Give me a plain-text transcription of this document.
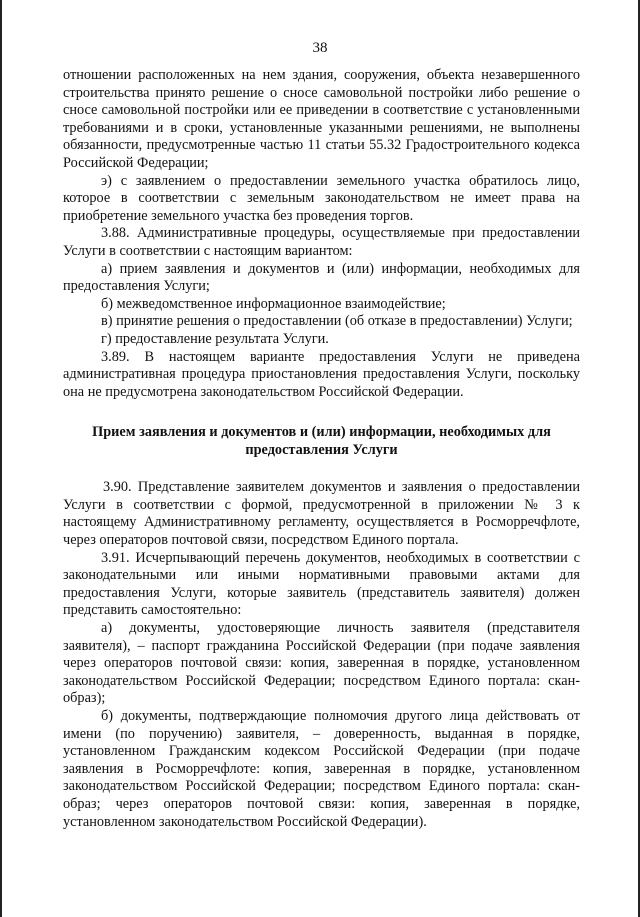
38

отношении расположенных на нем здания, сооружения, объекта незавершенного строительства принято решение о сносе самовольной постройки либо решение о сносе самовольной постройки или ее приведении в соответствие с установленными требованиями и в сроки, установленные указанными решениями, не выполнены обязанности, предусмотренные частью 11 статьи 55.32 Градостроительного кодекса Российской Федерации;

э) с заявлением о предоставлении земельного участка обратилось лицо, которое в соответствии с земельным законодательством не имеет права на приобретение земельного участка без проведения торгов.

3.88. Административные процедуры, осуществляемые при предоставлении Услуги в соответствии с настоящим вариантом:

а) прием заявления и документов и (или) информации, необходимых для предоставления Услуги;

б) межведомственное информационное взаимодействие;

в) принятие решения о предоставлении (об отказе в предоставлении) Услуги;

г) предоставление результата Услуги.

3.89. В настоящем варианте предоставления Услуги не приведена административная процедура приостановления предоставления Услуги, поскольку она не предусмотрена законодательством Российской Федерации.

Прием заявления и документов и (или) информации, необходимых для предоставления Услуги

3.90. Представление заявителем документов и заявления о предоставлении Услуги в соответствии с формой, предусмотренной в приложении № 3 к настоящему Административному регламенту, осуществляется в Росморречфлоте, через операторов почтовой связи, посредством Единого портала.

3.91. Исчерпывающий перечень документов, необходимых в соответствии с законодательными или иными нормативными правовыми актами для предоставления Услуги, которые заявитель (представитель заявителя) должен представить самостоятельно:

а) документы, удостоверяющие личность заявителя (представителя заявителя), – паспорт гражданина Российской Федерации (при подаче заявления через операторов почтовой связи: копия, заверенная в порядке, установленном законодательством Российской Федерации; посредством Единого портала: скан-образ);

б) документы, подтверждающие полномочия другого лица действовать от имени (по поручению) заявителя, – доверенность, выданная в порядке, установленном Гражданским кодексом Российской Федерации (при подаче заявления в Росморречфлоте: копия, заверенная в порядке, установленном законодательством Российской Федерации; посредством Единого портала: скан-образ; через операторов почтовой связи: копия, заверенная в порядке, установленном законодательством Российской Федерации).
